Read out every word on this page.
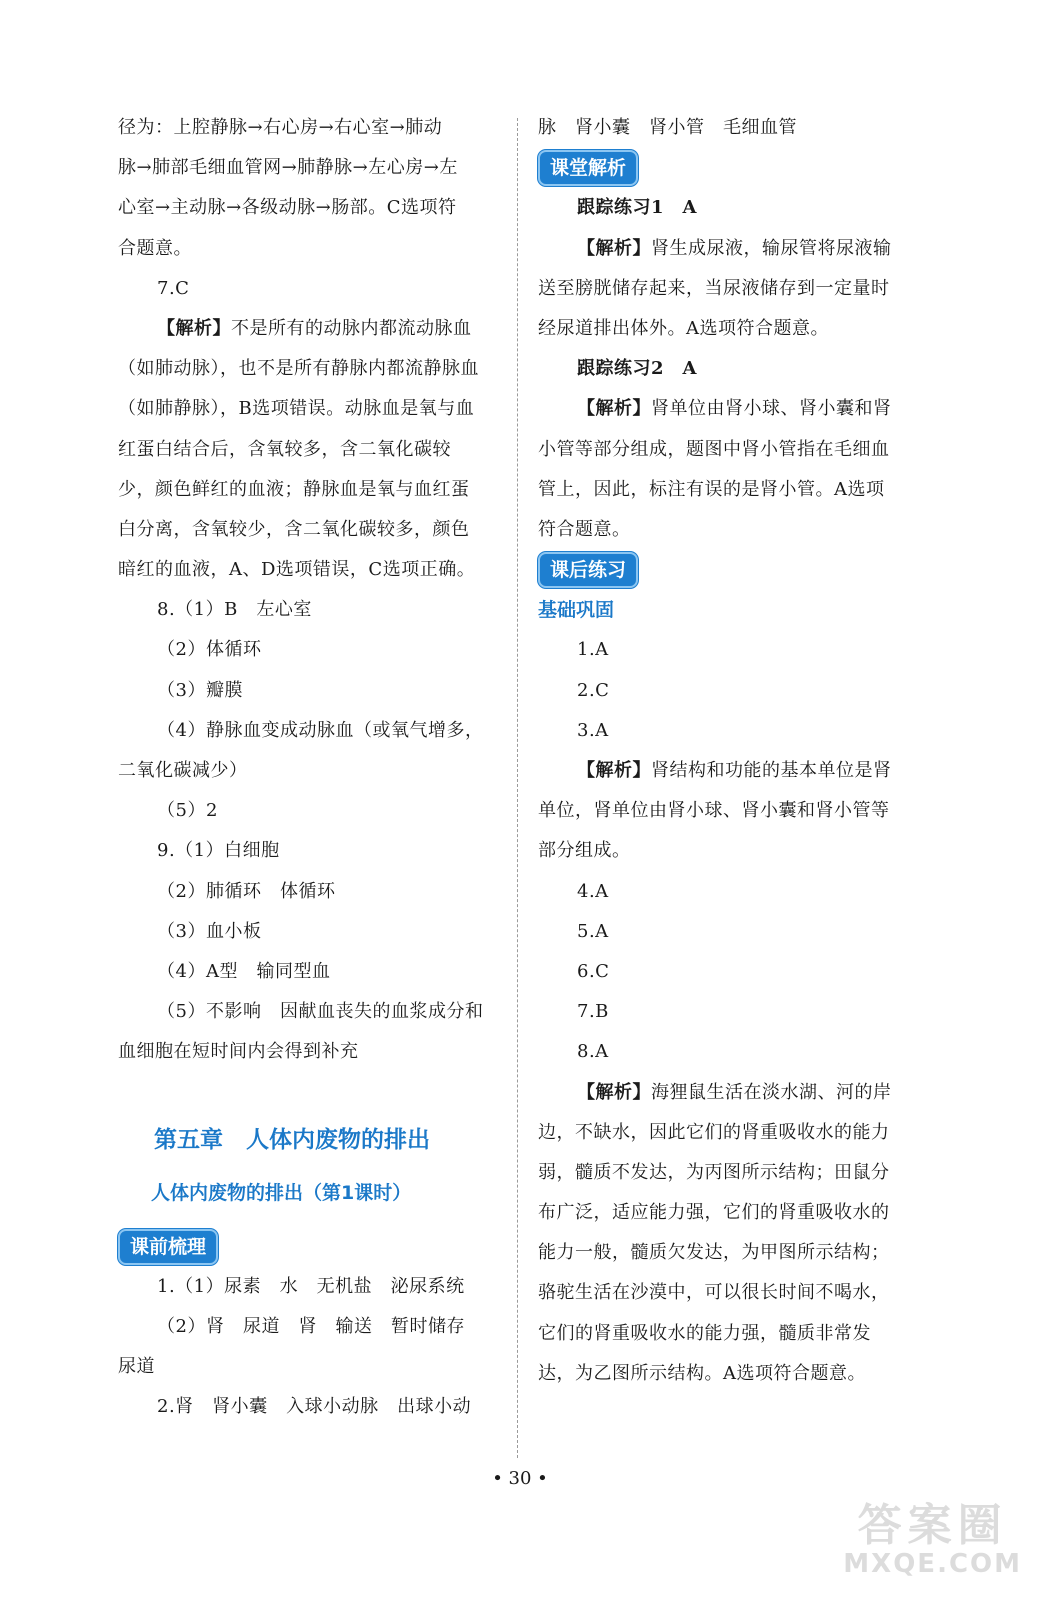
径为：上腔静脉→右心房→右心室→肺动
脉→肺部毛细血管网→肺静脉→左心房→左
心室→主动脉→各级动脉→肠部。C选项符
合题意。
7.C
【解析】不是所有的动脉内都流动脉血
（如肺动脉），也不是所有静脉内都流静脉血
（如肺静脉），B选项错误。动脉血是氧与血
红蛋白结合后，含氧较多，含二氧化碳较
少，颜色鲜红的血液；静脉血是氧与血红蛋
白分离，含氧较少，含二氧化碳较多，颜色
暗红的血液，A、D选项错误，C选项正确。
8.（1）B　左心室
（2）体循环
（3）瓣膜
（4）静脉血变成动脉血（或氧气增多，
二氧化碳减少）
（5）2
9.（1）白细胞
（2）肺循环　体循环
（3）血小板
（4）A型　输同型血
（5）不影响　因献血丧失的血浆成分和
血细胞在短时间内会得到补充
第五章　人体内废物的排出
人体内废物的排出（第1课时）
课前梳理
1.（1）尿素　水　无机盐　泌尿系统
（2）肾　尿道　肾　输送　暂时储存
尿道
2.肾　肾小囊　入球小动脉　出球小动
脉　肾小囊　肾小管　毛细血管
课堂解析
跟踪练习1　A
【解析】肾生成尿液，输尿管将尿液输
送至膀胱储存起来，当尿液储存到一定量时
经尿道排出体外。A选项符合题意。
跟踪练习2　A
【解析】肾单位由肾小球、肾小囊和肾
小管等部分组成，题图中肾小管指在毛细血
管上，因此，标注有误的是肾小管。A选项
符合题意。
课后练习
基础巩固
1.A
2.C
3.A
【解析】肾结构和功能的基本单位是肾
单位，肾单位由肾小球、肾小囊和肾小管等
部分组成。
4.A
5.A
6.C
7.B
8.A
【解析】海狸鼠生活在淡水湖、河的岸
边，不缺水，因此它们的肾重吸收水的能力
弱，髓质不发达，为丙图所示结构；田鼠分
布广泛，适应能力强，它们的肾重吸收水的
能力一般，髓质欠发达，为甲图所示结构；
骆驼生活在沙漠中，可以很长时间不喝水，
它们的肾重吸收水的能力强，髓质非常发
达，为乙图所示结构。A选项符合题意。
• 30 •
答案圈
MXQE.COM
